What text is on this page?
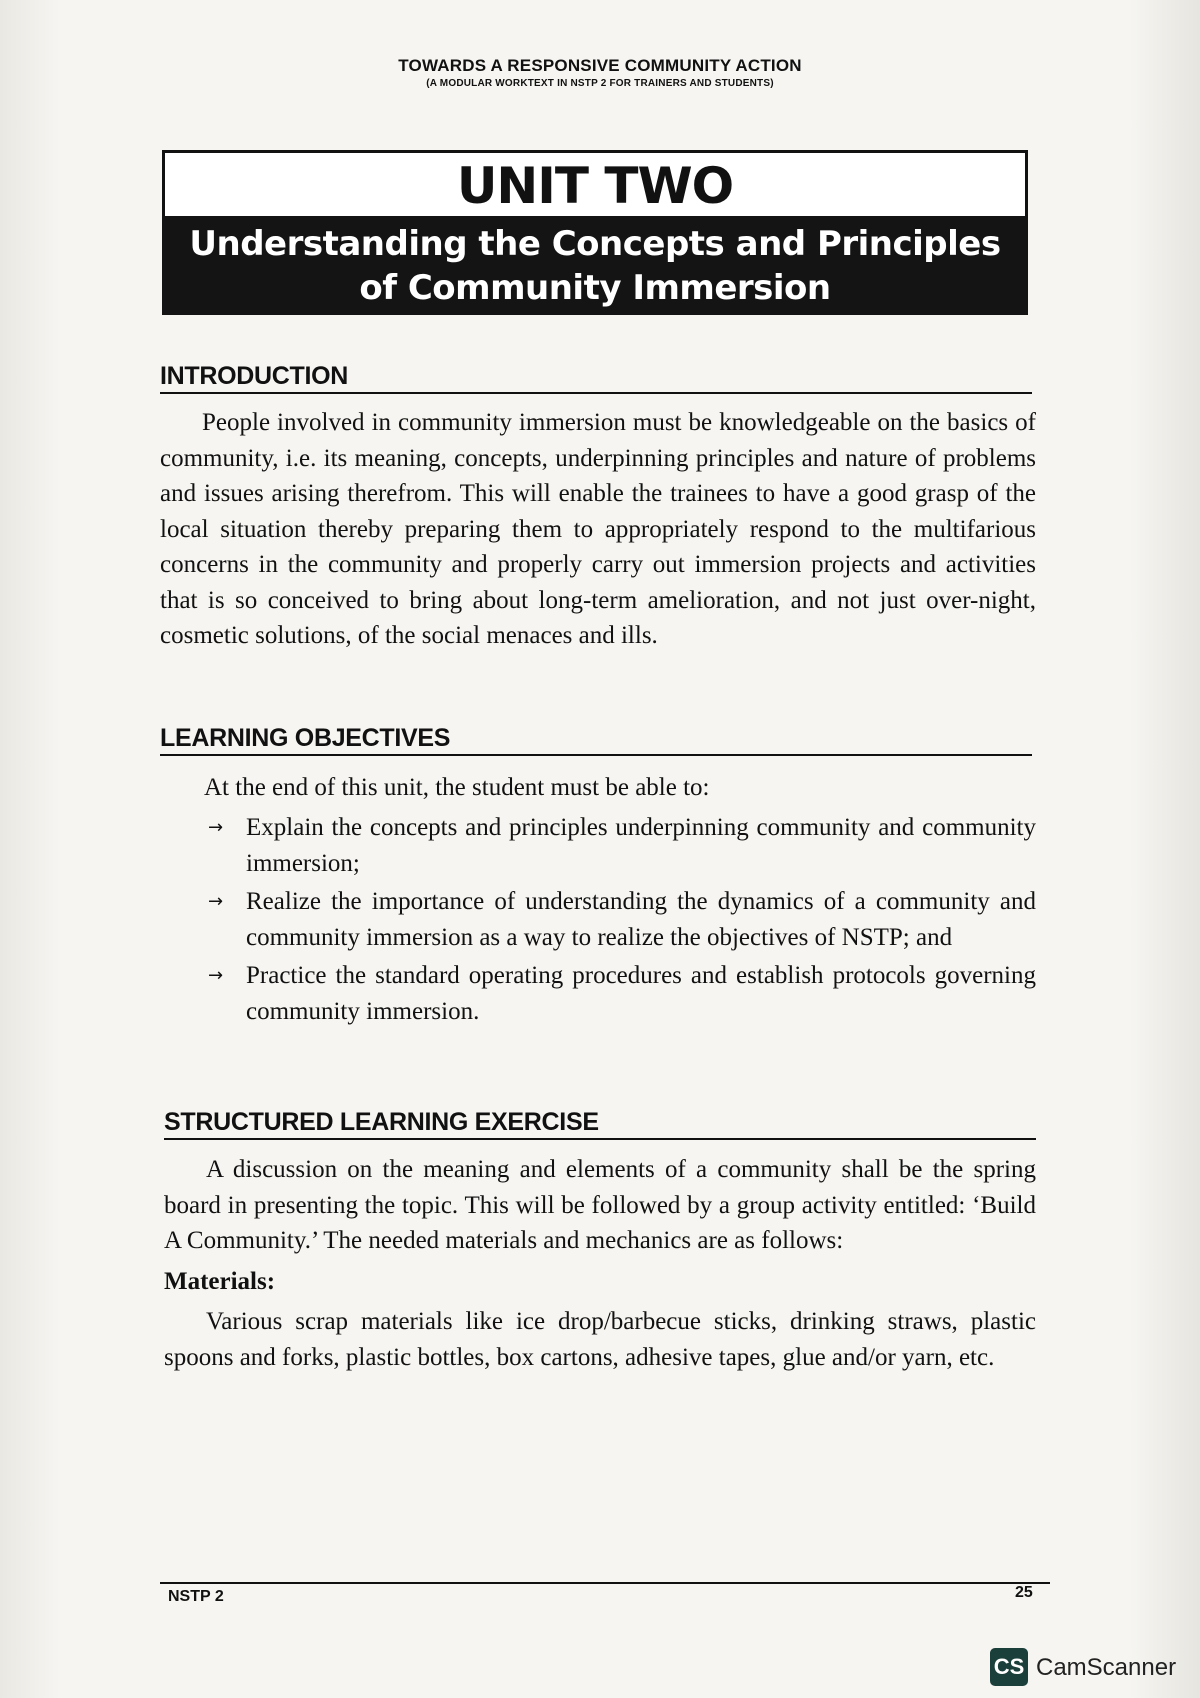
TOWARDS A RESPONSIVE COMMUNITY ACTION
(A MODULAR WORKTEXT IN NSTP 2 FOR TRAINERS AND STUDENTS)
UNIT TWO
Understanding the Concepts and Principles
of Community Immersion
INTRODUCTION

People involved in community immersion must be knowledgeable on the basics of community, i.e. its meaning, concepts, underpinning principles and nature of problems and issues arising therefrom. This will enable the trainees to have a good grasp of the local situation thereby preparing them to appropriately respond to the multifarious concerns in the community and properly carry out immersion projects and activities that is so conceived to bring about long-term amelioration, and not just over-night, cosmetic solutions, of the social menaces and ills.

LEARNING OBJECTIVES

At the end of this unit, the student must be able to:

→ Explain the concepts and principles underpinning community and community immersion;
→ Realize the importance of understanding the dynamics of a community and community immersion as a way to realize the objectives of NSTP; and
→ Practice the standard operating procedures and establish protocols governing community immersion.
STRUCTURED LEARNING EXERCISE

A discussion on the meaning and elements of a community shall be the spring board in presenting the topic. This will be followed by a group activity entitled: ‘Build A Community.’ The needed materials and mechanics are as follows:

Materials:

Various scrap materials like ice drop/barbecue sticks, drinking straws, plastic spoons and forks, plastic bottles, box cartons, adhesive tapes, glue and/or yarn, etc.

NSTP 2	25
CS CamScanner
